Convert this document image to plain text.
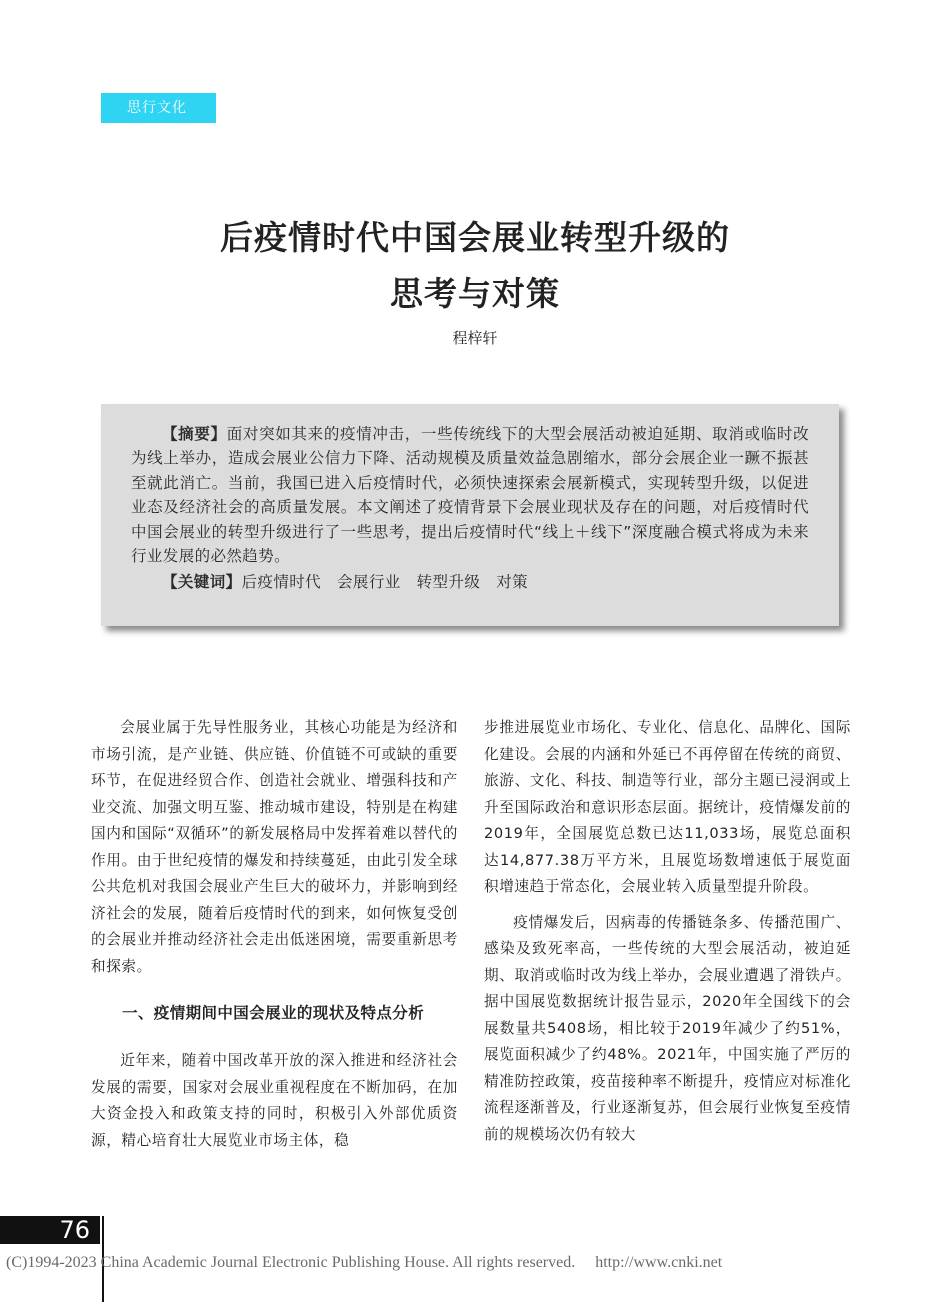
思行文化
后疫情时代中国会展业转型升级的
思考与对策
程梓轩

【摘要】面对突如其来的疫情冲击，一些传统线下的大型会展活动被迫延期、取消或临时改为线上举办，造成会展业公信力下降、活动规模及质量效益急剧缩水，部分会展企业一蹶不振甚至就此消亡。当前，我国已进入后疫情时代，必须快速探索会展新模式，实现转型升级，以促进业态及经济社会的高质量发展。本文阐述了疫情背景下会展业现状及存在的问题，对后疫情时代中国会展业的转型升级进行了一些思考，提出后疫情时代“线上＋线下”深度融合模式将成为未来行业发展的必然趋势。

【关键词】后疫情时代 会展行业 转型升级 对策

会展业属于先导性服务业，其核心功能是为经济和市场引流，是产业链、供应链、价值链不可或缺的重要环节，在促进经贸合作、创造社会就业、增强科技和产业交流、加强文明互鉴、推动城市建设，特别是在构建国内和国际“双循环”的新发展格局中发挥着难以替代的作用。由于世纪疫情的爆发和持续蔓延，由此引发全球公共危机对我国会展业产生巨大的破坏力，并影响到经济社会的发展，随着后疫情时代的到来，如何恢复受创的会展业并推动经济社会走出低迷困境，需要重新思考和探索。

一、疫情期间中国会展业的现状及特点分析

近年来，随着中国改革开放的深入推进和经济社会发展的需要，国家对会展业重视程度在不断加码，在加大资金投入和政策支持的同时，积极引入外部优质资源，精心培育壮大展览业市场主体，稳

步推进展览业市场化、专业化、信息化、品牌化、国际化建设。会展的内涵和外延已不再停留在传统的商贸、旅游、文化、科技、制造等行业，部分主题已浸润或上升至国际政治和意识形态层面。据统计，疫情爆发前的2019年，全国展览总数已达11,033场，展览总面积达14,877.38万平方米，且展览场数增速低于展览面积增速趋于常态化，会展业转入质量型提升阶段。

疫情爆发后，因病毒的传播链条多、传播范围广、感染及致死率高，一些传统的大型会展活动，被迫延期、取消或临时改为线上举办，会展业遭遇了滑铁卢。据中国展览数据统计报告显示，2020年全国线下的会展数量共5408场，相比较于2019年减少了约51%，展览面积减少了约48%。2021年，中国实施了严厉的精准防控政策，疫苗接种率不断提升，疫情应对标准化流程逐渐普及，行业逐渐复苏，但会展行业恢复至疫情前的规模场次仍有较大

76
(C)1994-2023 China Academic Journal Electronic Publishing House. All rights reserved. http://www.cnki.net
